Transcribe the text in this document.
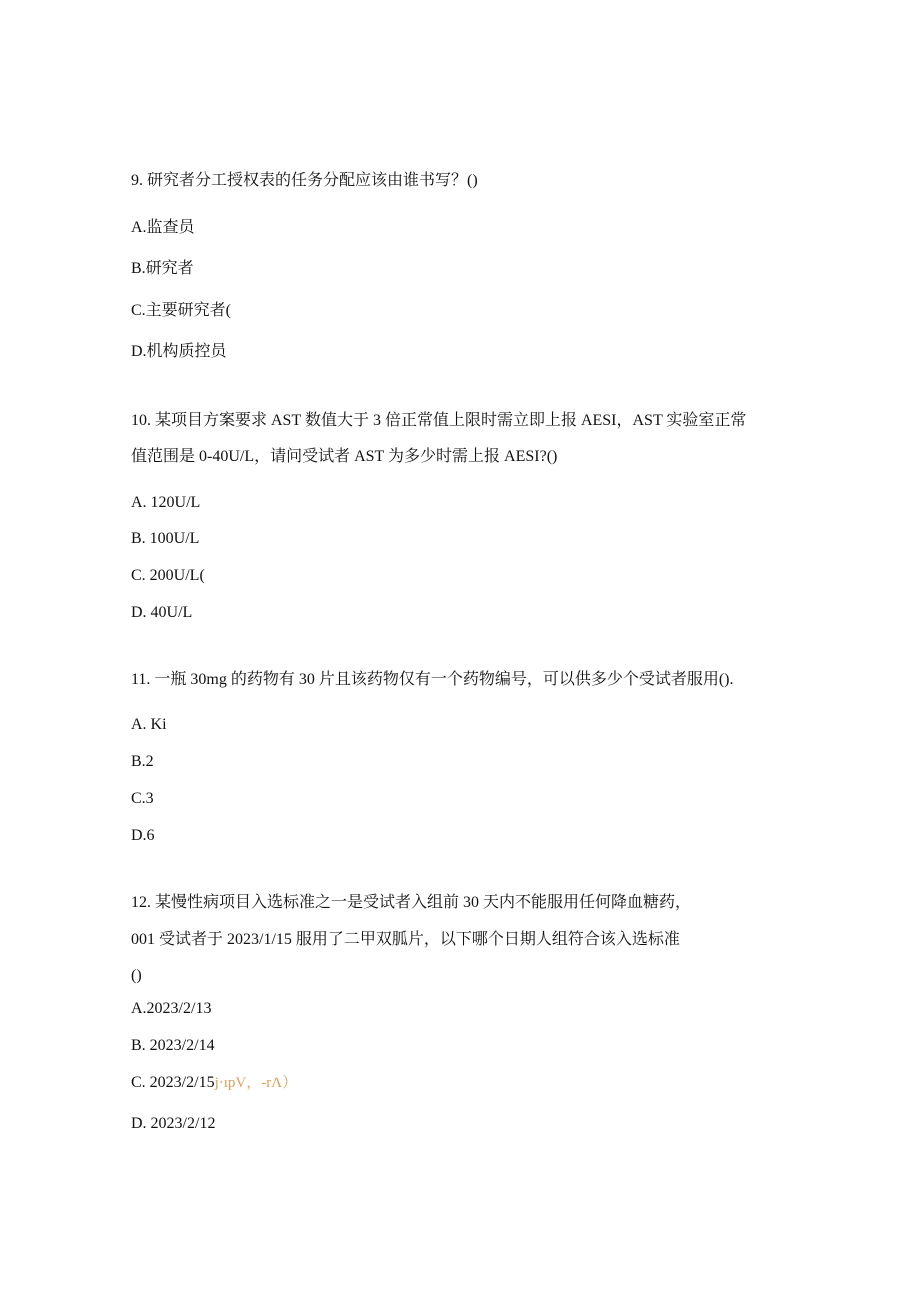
9. 研究者分工授权表的任务分配应该由谁书写？()
A.监查员
B.研究者
C.主要研究者(
D.机构质控员
10. 某项目方案要求 AST 数值大于 3 倍正常值上限时需立即上报 AESI，AST 实验室正常
值范围是 0-40U/L，请问受试者 AST 为多少时需上报 AESI?()
A. 120U/L
B. 100U/L
C. 200U/L(
D. 40U/L
11. 一瓶 30mg 的药物有 30 片且该药物仅有一个药物编号，可以供多少个受试者服用().
A. Ki
B.2
C.3
D.6
12. 某慢性病项目入选标准之一是受试者入组前 30 天内不能服用任何降血糖药，
001 受试者于 2023/1/15 服用了二甲双胍片，以下哪个日期人组符合该入选标准
()
A.2023/2/13
B. 2023/2/14
C. 2023/2/15j·ıpV，-rΛ）
D. 2023/2/12
